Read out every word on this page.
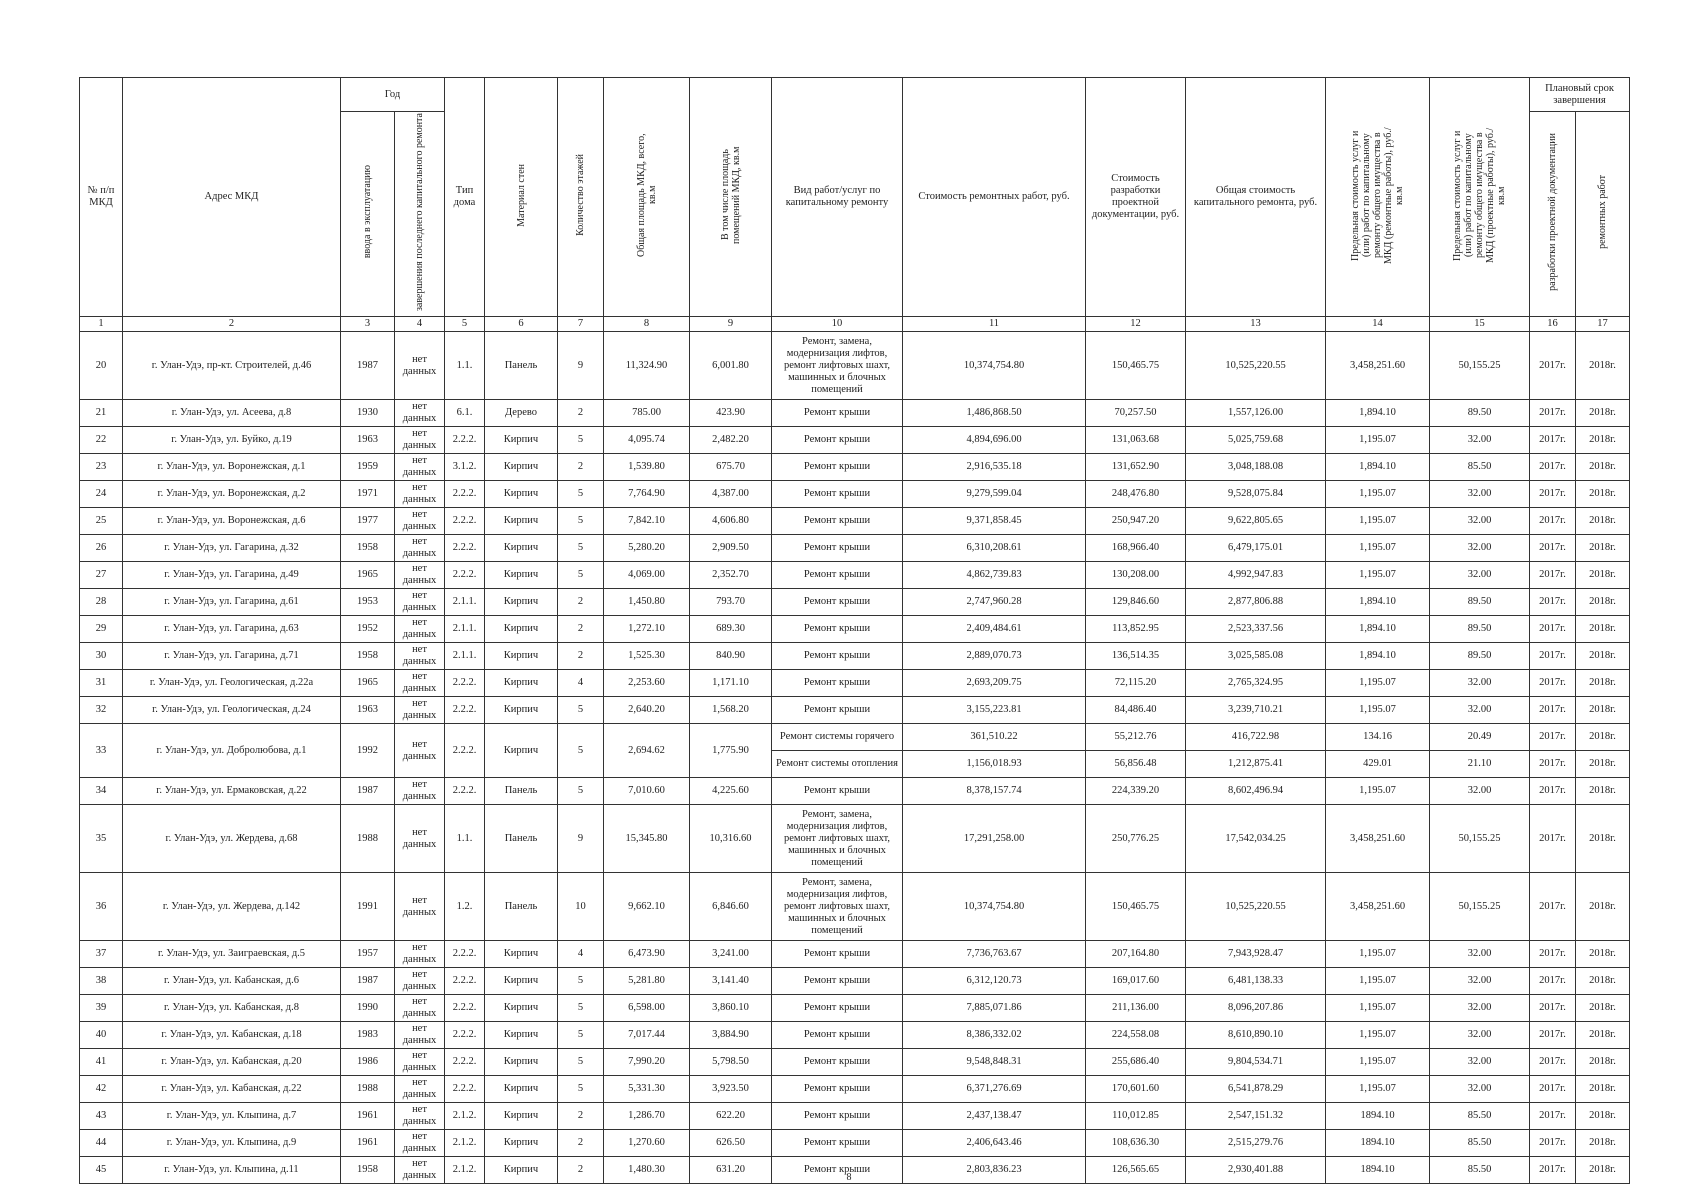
№ п/п МКД	Адрес МКД	Год		Тип дома	Материал стен	Количество этажей	Общая площадь МКД, всего, кв.м	В том числе площадь помещений МКД, кв.м	Вид работ/услуг по капитальному ремонту	Стоимость ремонтных работ, руб.	Стоимость разработки проектной документации, руб.	Общая стоимость капитального ремонта, руб.	Предельная стоимость услуг и (или) работ по капитальному ремонту общего имущества в МКД (ремонтные работы), руб./кв.м	Предельная стоимость услуг и (или) работ по капитальному ремонту общего имущества в МКД (проектные работы), руб./кв.м	Плановый срок завершения	
		ввода в эксплуатацию	завершения последнего капитального ремонта												разработки проектной документации	ремонтных работ
1	2	3	4	5	6	7	8	9	10	11	12	13	14	15	16	17
20	г. Улан-Удэ, пр-кт. Строителей, д.46	1987	нет данных	1.1.	Панель	9	11,324.90	6,001.80	Ремонт, замена, модернизация лифтов, ремонт лифтовых шахт, машинных и блочных помещений	10,374,754.80	150,465.75	10,525,220.55	3,458,251.60	50,155.25	2017г.	2018г.
21	г. Улан-Удэ, ул. Асеева, д.8	1930	нет данных	6.1.	Дерево	2	785.00	423.90	Ремонт крыши	1,486,868.50	70,257.50	1,557,126.00	1,894.10	89.50	2017г.	2018г.
22	г. Улан-Удэ, ул. Буйко, д.19	1963	нет данных	2.2.2.	Кирпич	5	4,095.74	2,482.20	Ремонт крыши	4,894,696.00	131,063.68	5,025,759.68	1,195.07	32.00	2017г.	2018г.
23	г. Улан-Удэ, ул. Воронежская, д.1	1959	нет данных	3.1.2.	Кирпич	2	1,539.80	675.70	Ремонт крыши	2,916,535.18	131,652.90	3,048,188.08	1,894.10	85.50	2017г.	2018г.
24	г. Улан-Удэ, ул. Воронежская, д.2	1971	нет данных	2.2.2.	Кирпич	5	7,764.90	4,387.00	Ремонт крыши	9,279,599.04	248,476.80	9,528,075.84	1,195.07	32.00	2017г.	2018г.
25	г. Улан-Удэ, ул. Воронежская, д.6	1977	нет данных	2.2.2.	Кирпич	5	7,842.10	4,606.80	Ремонт крыши	9,371,858.45	250,947.20	9,622,805.65	1,195.07	32.00	2017г.	2018г.
26	г. Улан-Удэ, ул. Гагарина, д.32	1958	нет данных	2.2.2.	Кирпич	5	5,280.20	2,909.50	Ремонт крыши	6,310,208.61	168,966.40	6,479,175.01	1,195.07	32.00	2017г.	2018г.
27	г. Улан-Удэ, ул. Гагарина, д.49	1965	нет данных	2.2.2.	Кирпич	5	4,069.00	2,352.70	Ремонт крыши	4,862,739.83	130,208.00	4,992,947.83	1,195.07	32.00	2017г.	2018г.
28	г. Улан-Удэ, ул. Гагарина, д.61	1953	нет данных	2.1.1.	Кирпич	2	1,450.80	793.70	Ремонт крыши	2,747,960.28	129,846.60	2,877,806.88	1,894.10	89.50	2017г.	2018г.
29	г. Улан-Удэ, ул. Гагарина, д.63	1952	нет данных	2.1.1.	Кирпич	2	1,272.10	689.30	Ремонт крыши	2,409,484.61	113,852.95	2,523,337.56	1,894.10	89.50	2017г.	2018г.
30	г. Улан-Удэ, ул. Гагарина, д.71	1958	нет данных	2.1.1.	Кирпич	2	1,525.30	840.90	Ремонт крыши	2,889,070.73	136,514.35	3,025,585.08	1,894.10	89.50	2017г.	2018г.
31	г. Улан-Удэ, ул. Геологическая, д.22а	1965	нет данных	2.2.2.	Кирпич	4	2,253.60	1,171.10	Ремонт крыши	2,693,209.75	72,115.20	2,765,324.95	1,195.07	32.00	2017г.	2018г.
32	г. Улан-Удэ, ул. Геологическая, д.24	1963	нет данных	2.2.2.	Кирпич	5	2,640.20	1,568.20	Ремонт крыши	3,155,223.81	84,486.40	3,239,710.21	1,195.07	32.00	2017г.	2018г.
33	г. Улан-Удэ, ул. Добролюбова, д.1	1992	нет данных	2.2.2.	Кирпич	5	2,694.62	1,775.90	Ремонт системы горячего	361,510.22	55,212.76	416,722.98	134.16	20.49	2017г.	2018г.
									Ремонт системы отопления	1,156,018.93	56,856.48	1,212,875.41	429.01	21.10	2017г.	2018г.
34	г. Улан-Удэ, ул. Ермаковская, д.22	1987	нет данных	2.2.2.	Панель	5	7,010.60	4,225.60	Ремонт крыши	8,378,157.74	224,339.20	8,602,496.94	1,195.07	32.00	2017г.	2018г.
35	г. Улан-Удэ, ул. Жердева, д.68	1988	нет данных	1.1.	Панель	9	15,345.80	10,316.60	Ремонт, замена, модернизация лифтов, ремонт лифтовых шахт, машинных и блочных помещений	17,291,258.00	250,776.25	17,542,034.25	3,458,251.60	50,155.25	2017г.	2018г.
36	г. Улан-Удэ, ул. Жердева, д.142	1991	нет данных	1.2.	Панель	10	9,662.10	6,846.60	Ремонт, замена, модернизация лифтов, ремонт лифтовых шахт, машинных и блочных помещений	10,374,754.80	150,465.75	10,525,220.55	3,458,251.60	50,155.25	2017г.	2018г.
37	г. Улан-Удэ, ул. Заиграевская, д.5	1957	нет данных	2.2.2.	Кирпич	4	6,473.90	3,241.00	Ремонт крыши	7,736,763.67	207,164.80	7,943,928.47	1,195.07	32.00	2017г.	2018г.
38	г. Улан-Удэ, ул. Кабанская, д.6	1987	нет данных	2.2.2.	Кирпич	5	5,281.80	3,141.40	Ремонт крыши	6,312,120.73	169,017.60	6,481,138.33	1,195.07	32.00	2017г.	2018г.
39	г. Улан-Удэ, ул. Кабанская, д.8	1990	нет данных	2.2.2.	Кирпич	5	6,598.00	3,860.10	Ремонт крыши	7,885,071.86	211,136.00	8,096,207.86	1,195.07	32.00	2017г.	2018г.
40	г. Улан-Удэ, ул. Кабанская, д.18	1983	нет данных	2.2.2.	Кирпич	5	7,017.44	3,884.90	Ремонт крыши	8,386,332.02	224,558.08	8,610,890.10	1,195.07	32.00	2017г.	2018г.
41	г. Улан-Удэ, ул. Кабанская, д.20	1986	нет данных	2.2.2.	Кирпич	5	7,990.20	5,798.50	Ремонт крыши	9,548,848.31	255,686.40	9,804,534.71	1,195.07	32.00	2017г.	2018г.
42	г. Улан-Удэ, ул. Кабанская, д.22	1988	нет данных	2.2.2.	Кирпич	5	5,331.30	3,923.50	Ремонт крыши	6,371,276.69	170,601.60	6,541,878.29	1,195.07	32.00	2017г.	2018г.
43	г. Улан-Удэ, ул. Клыпина, д.7	1961	нет данных	2.1.2.	Кирпич	2	1,286.70	622.20	Ремонт крыши	2,437,138.47	110,012.85	2,547,151.32	1894.10	85.50	2017г.	2018г.
44	г. Улан-Удэ, ул. Клыпина, д.9	1961	нет данных	2.1.2.	Кирпич	2	1,270.60	626.50	Ремонт крыши	2,406,643.46	108,636.30	2,515,279.76	1894.10	85.50	2017г.	2018г.
45	г. Улан-Удэ, ул. Клыпина, д.11	1958	нет данных	2.1.2.	Кирпич	2	1,480.30	631.20	Ремонт крыши	2,803,836.23	126,565.65	2,930,401.88	1894.10	85.50	2017г.	2018г.
8
